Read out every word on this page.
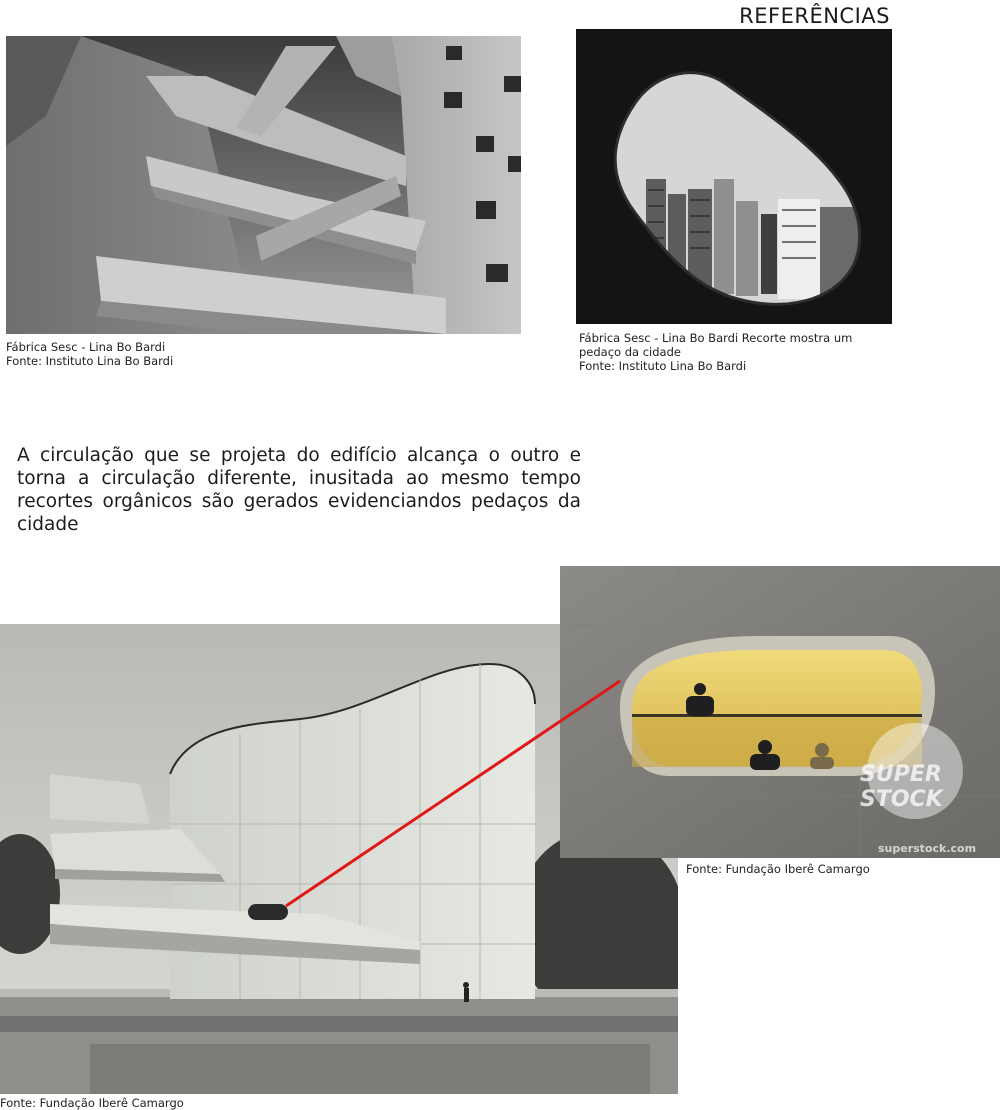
REFERÊNCIAS
Fábrica Sesc - Lina Bo Bardi
Fonte: Instituto Lina Bo Bardi
Fábrica Sesc - Lina Bo Bardi Recorte mostra um
pedaço da cidade
Fonte: Instituto Lina Bo Bardi
A circulação que se projeta do edifício alcança o outro e torna a circulação diferente, inusitada ao mesmo tempo recortes orgânicos são gerados evidenciandos pedaços da cidade
Fonte: Fundação Iberê Camargo
SUPER
STOCK
superstock.com
Fonte: Fundação Iberê Camargo
